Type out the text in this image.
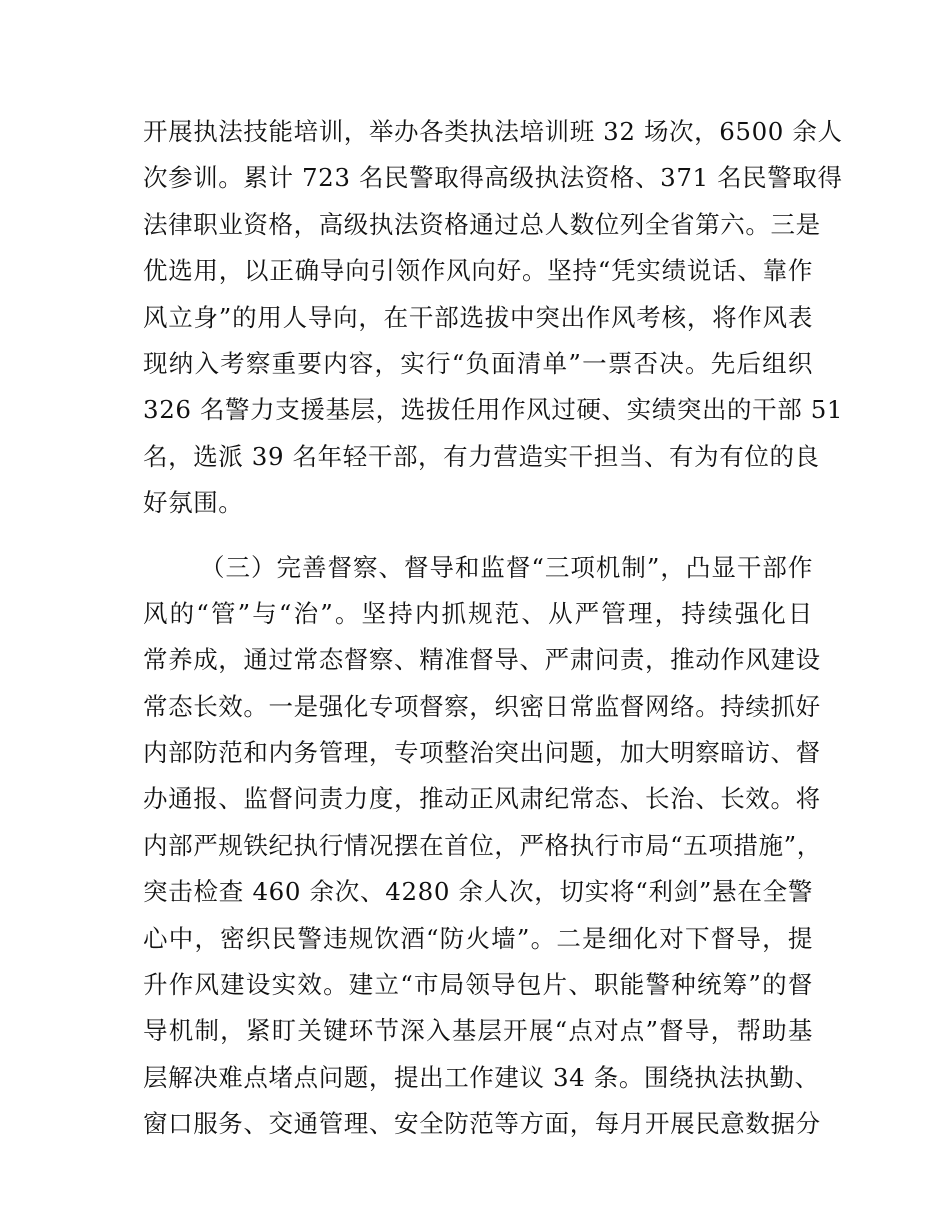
开展执法技能培训，举办各类执法培训班 32 场次，6500 余人
次参训。累计 723 名民警取得高级执法资格、371 名民警取得
法律职业资格，高级执法资格通过总人数位列全省第六。三是
优选用，以正确导向引领作风向好。坚持“凭实绩说话、靠作
风立身”的用人导向，在干部选拔中突出作风考核，将作风表
现纳入考察重要内容，实行“负面清单”一票否决。先后组织
326 名警力支援基层，选拔任用作风过硬、实绩突出的干部 51
名，选派 39 名年轻干部，有力营造实干担当、有为有位的良
好氛围。
（三）完善督察、督导和监督“三项机制”，凸显干部作
风的“管”与“治”。坚持内抓规范、从严管理，持续强化日
常养成，通过常态督察、精准督导、严肃问责，推动作风建设
常态长效。一是强化专项督察，织密日常监督网络。持续抓好
内部防范和内务管理，专项整治突出问题，加大明察暗访、督
办通报、监督问责力度，推动正风肃纪常态、长治、长效。将
内部严规铁纪执行情况摆在首位，严格执行市局“五项措施”，
突击检查 460 余次、4280 余人次，切实将“利剑”悬在全警
心中，密织民警违规饮酒“防火墙”。二是细化对下督导，提
升作风建设实效。建立“市局领导包片、职能警种统筹”的督
导机制，紧盯关键环节深入基层开展“点对点”督导，帮助基
层解决难点堵点问题，提出工作建议 34 条。围绕执法执勤、
窗口服务、交通管理、安全防范等方面，每月开展民意数据分
